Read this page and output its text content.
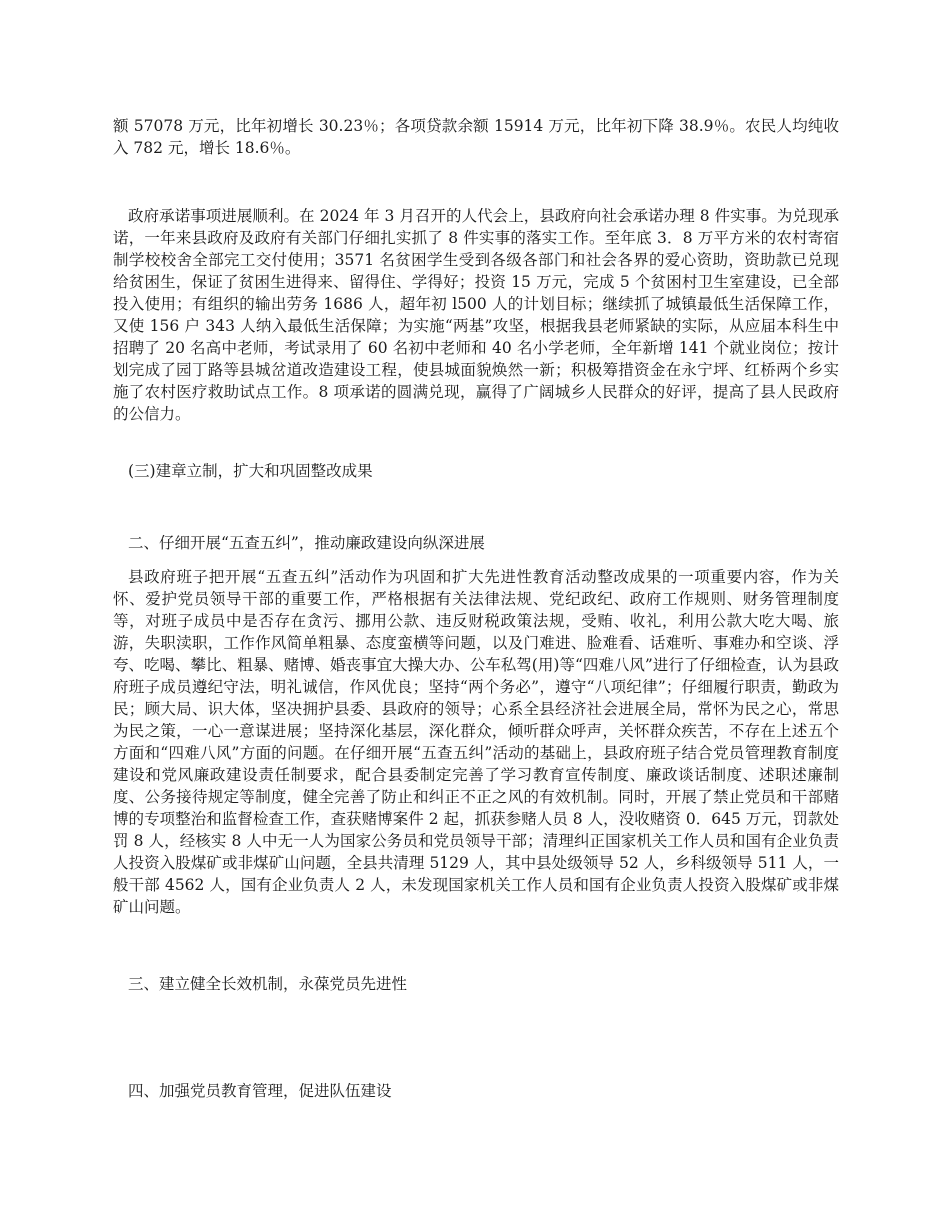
额 57078 万元，比年初增长 30.23％；各项贷款余额 15914 万元，比年初下降 38.9％。农民人均纯收入 782 元，增长 18.6％。

政府承诺事项进展顺利。在 2024 年 3 月召开的人代会上，县政府向社会承诺办理 8 件实事。为兑现承诺，一年来县政府及政府有关部门仔细扎实抓了 8 件实事的落实工作。至年底 3．8 万平方米的农村寄宿制学校校舍全部完工交付使用；3571 名贫困学生受到各级各部门和社会各界的爱心资助，资助款已兑现给贫困生，保证了贫困生进得来、留得住、学得好；投资 15 万元，完成 5 个贫困村卫生室建设，已全部投入使用；有组织的输出劳务 1686 人，超年初 l500 人的计划目标；继续抓了城镇最低生活保障工作，又使 156 户 343 人纳入最低生活保障；为实施“两基”攻坚，根据我县老师紧缺的实际，从应届本科生中招聘了 20 名高中老师，考试录用了 60 名初中老师和 40 名小学老师，全年新增 141 个就业岗位；按计划完成了园丁路等县城岔道改造建设工程，使县城面貌焕然一新；积极筹措资金在永宁坪、红桥两个乡实施了农村医疗救助试点工作。8 项承诺的圆满兑现，赢得了广阔城乡人民群众的好评，提高了县人民政府的公信力。

(三)建章立制，扩大和巩固整改成果

二、仔细开展“五查五纠”，推动廉政建设向纵深进展

县政府班子把开展“五查五纠”活动作为巩固和扩大先进性教育活动整改成果的一项重要内容，作为关怀、爱护党员领导干部的重要工作，严格根据有关法律法规、党纪政纪、政府工作规则、财务管理制度等，对班子成员中是否存在贪污、挪用公款、违反财税政策法规，受贿、收礼，利用公款大吃大喝、旅游，失职渎职，工作作风简单粗暴、态度蛮横等问题，以及门难进、脸难看、话难听、事难办和空谈、浮夸、吃喝、攀比、粗暴、赌博、婚丧事宜大操大办、公车私驾(用)等“四难八风”进行了仔细检查，认为县政府班子成员遵纪守法，明礼诚信，作风优良；坚持“两个务必”，遵守“八项纪律”；仔细履行职责，勤政为民；顾大局、识大体，坚决拥护县委、县政府的领导；心系全县经济社会进展全局，常怀为民之心，常思为民之策，一心一意谋进展；坚持深化基层，深化群众，倾听群众呼声，关怀群众疾苦，不存在上述五个方面和“四难八风”方面的问题。在仔细开展“五查五纠”活动的基础上，县政府班子结合党员管理教育制度建设和党风廉政建设责任制要求，配合县委制定完善了学习教育宣传制度、廉政谈话制度、述职述廉制度、公务接待规定等制度，健全完善了防止和纠正不正之风的有效机制。同时，开展了禁止党员和干部赌博的专项整治和监督检查工作，查获赌博案件 2 起，抓获参赌人员 8 人，没收赌资 0．645 万元，罚款处罚 8 人，经核实 8 人中无一人为国家公务员和党员领导干部；清理纠正国家机关工作人员和国有企业负责人投资入股煤矿或非煤矿山问题，全县共清理 5129 人，其中县处级领导 52 人，乡科级领导 511 人，一般干部 4562 人，国有企业负责人 2 人，未发现国家机关工作人员和国有企业负责人投资入股煤矿或非煤矿山问题。

三、建立健全长效机制，永葆党员先进性

四、加强党员教育管理，促进队伍建设
